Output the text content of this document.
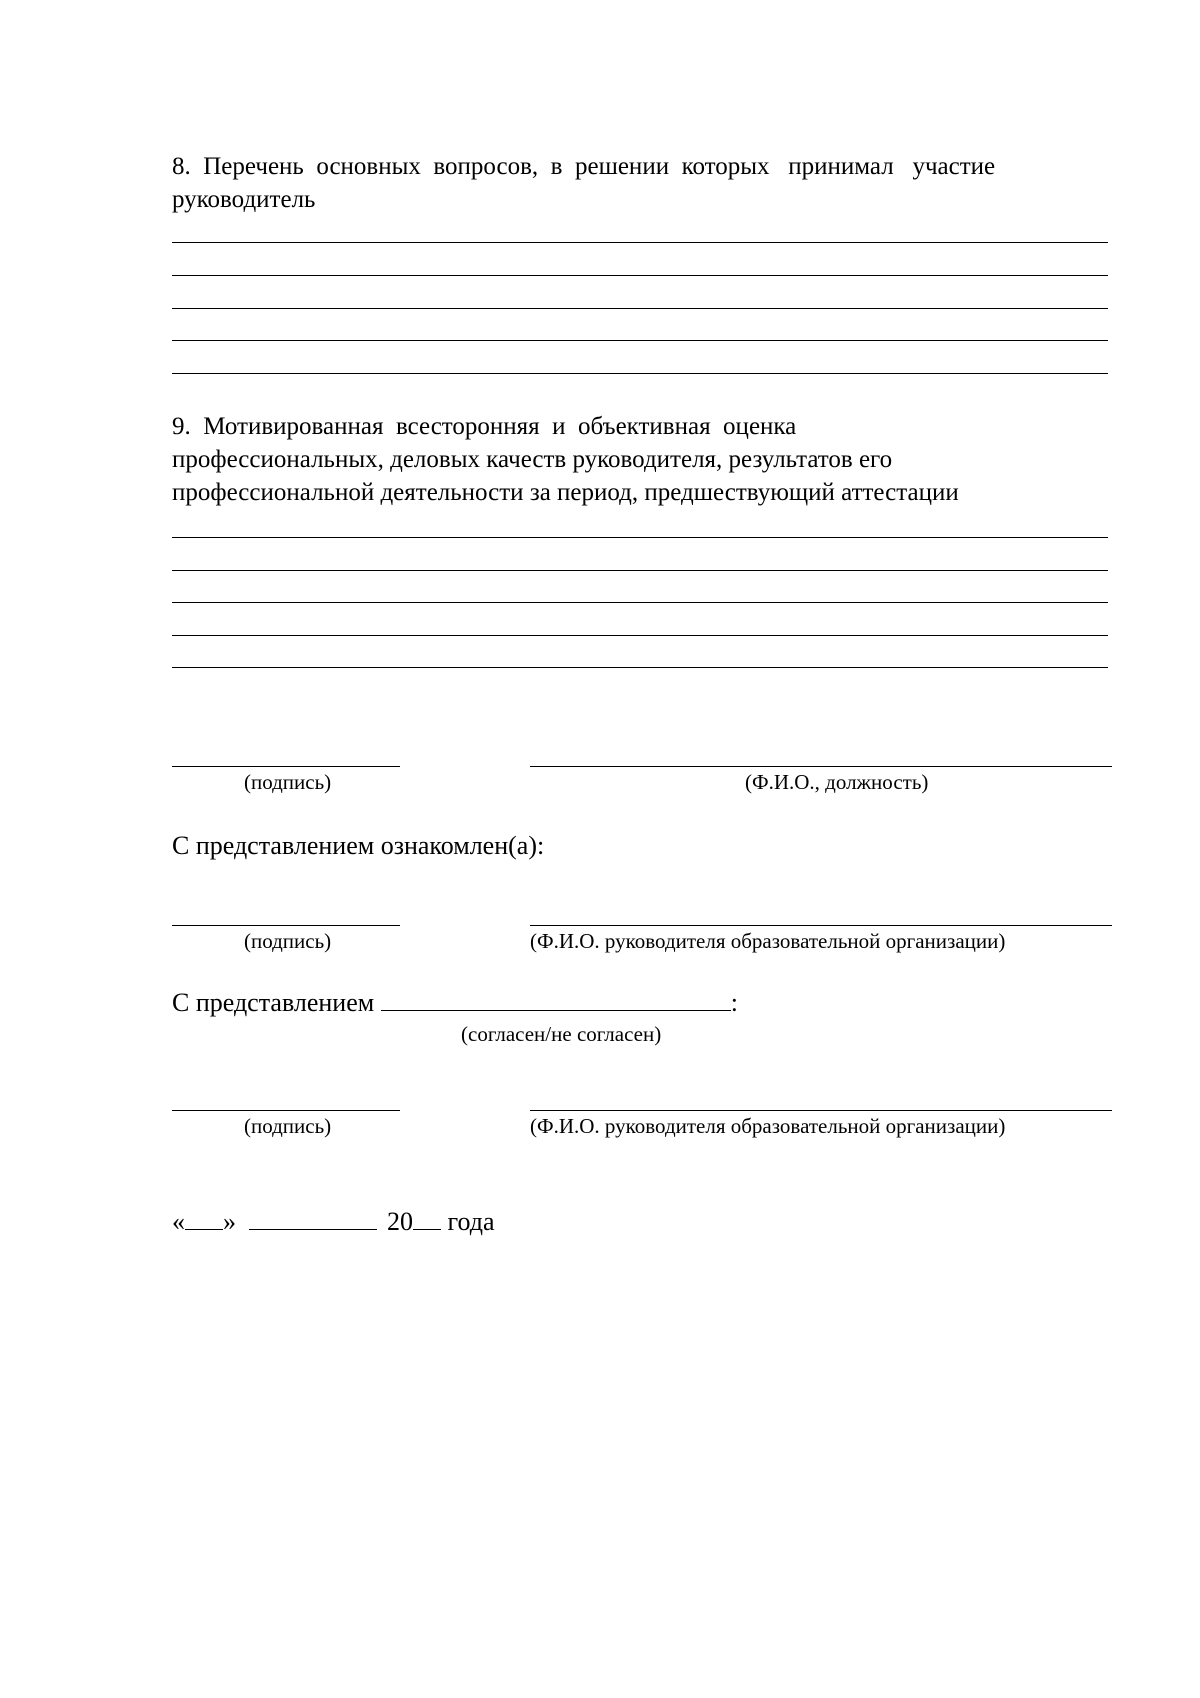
8.  Перечень  основных  вопросов,  в  решении  которых   принимал   участие
руководитель
9.  Мотивированная  всесторонняя  и  объективная  оценка
профессиональных, деловых качеств руководителя, результатов его
профессиональной деятельности за период, предшествующий аттестации
(подпись)	(Ф.И.О., должность)
С представлением ознакомлен(а):
(подпись)	(Ф.И.О. руководителя образовательной организации)
С представлением	:
(согласен/не согласен)
(подпись)	(Ф.И.О. руководителя образовательной организации)
« »	20 года
